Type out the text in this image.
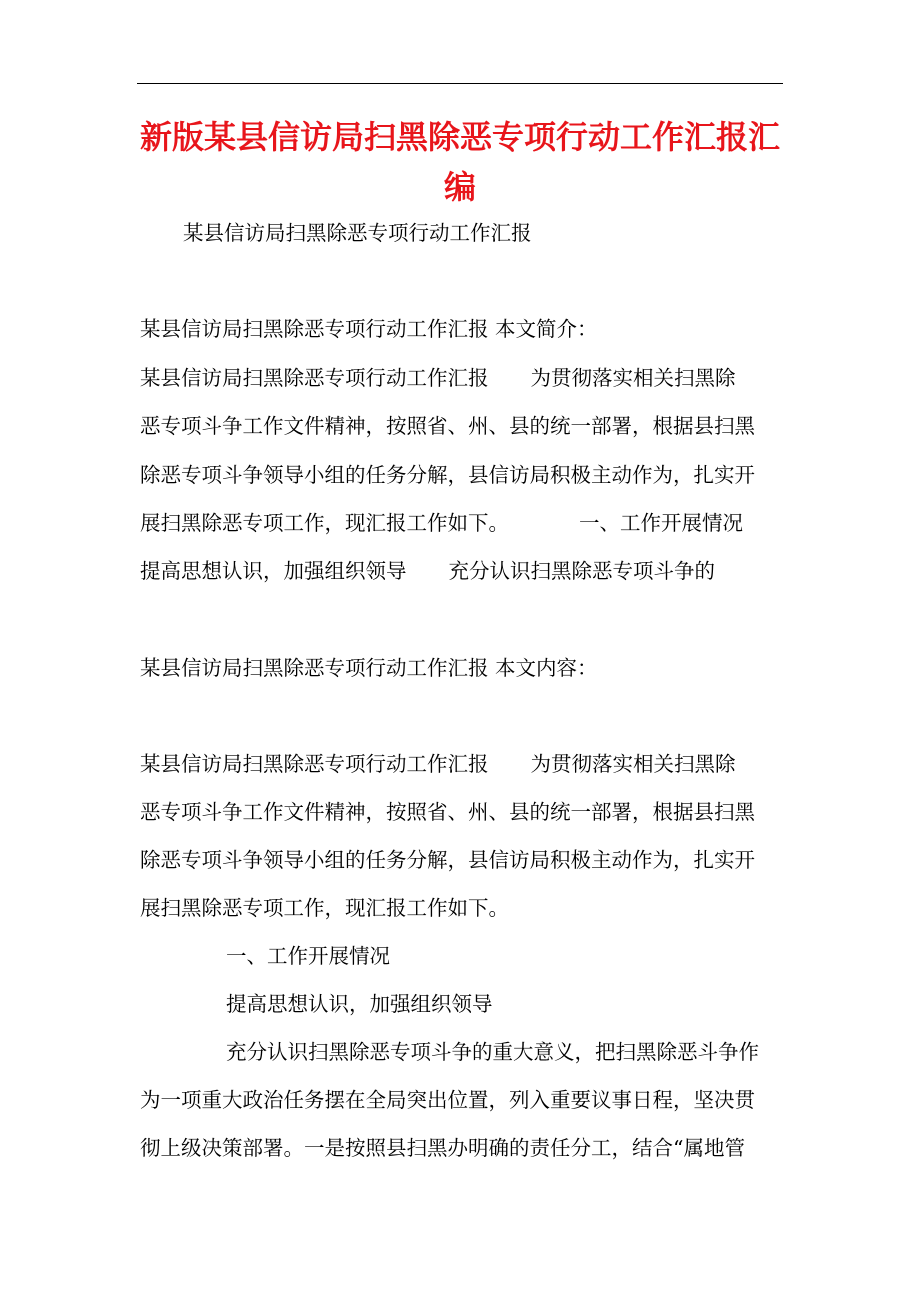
新版某县信访局扫黑除恶专项行动工作汇报汇
编

某县信访局扫黑除恶专项行动工作汇报

某县信访局扫黑除恶专项行动工作汇报 本文简介：

某县信访局扫黑除恶专项行动工作汇报 为贯彻落实相关扫黑除

恶专项斗争工作文件精神，按照省、州、县的统一部署，根据县扫黑

除恶专项斗争领导小组的任务分解，县信访局积极主动作为，扎实开

展扫黑除恶专项工作，现汇报工作如下。	一、工作开展情况

提高思想认识，加强组织领导 充分认识扫黑除恶专项斗争的

某县信访局扫黑除恶专项行动工作汇报 本文内容：

某县信访局扫黑除恶专项行动工作汇报 为贯彻落实相关扫黑除

恶专项斗争工作文件精神，按照省、州、县的统一部署，根据县扫黑

除恶专项斗争领导小组的任务分解，县信访局积极主动作为，扎实开

展扫黑除恶专项工作，现汇报工作如下。

一、工作开展情况

提高思想认识，加强组织领导

充分认识扫黑除恶专项斗争的重大意义，把扫黑除恶斗争作

为一项重大政治任务摆在全局突出位置，列入重要议事日程，坚决贯

彻上级决策部署。一是按照县扫黑办明确的责任分工，结合“属地管
